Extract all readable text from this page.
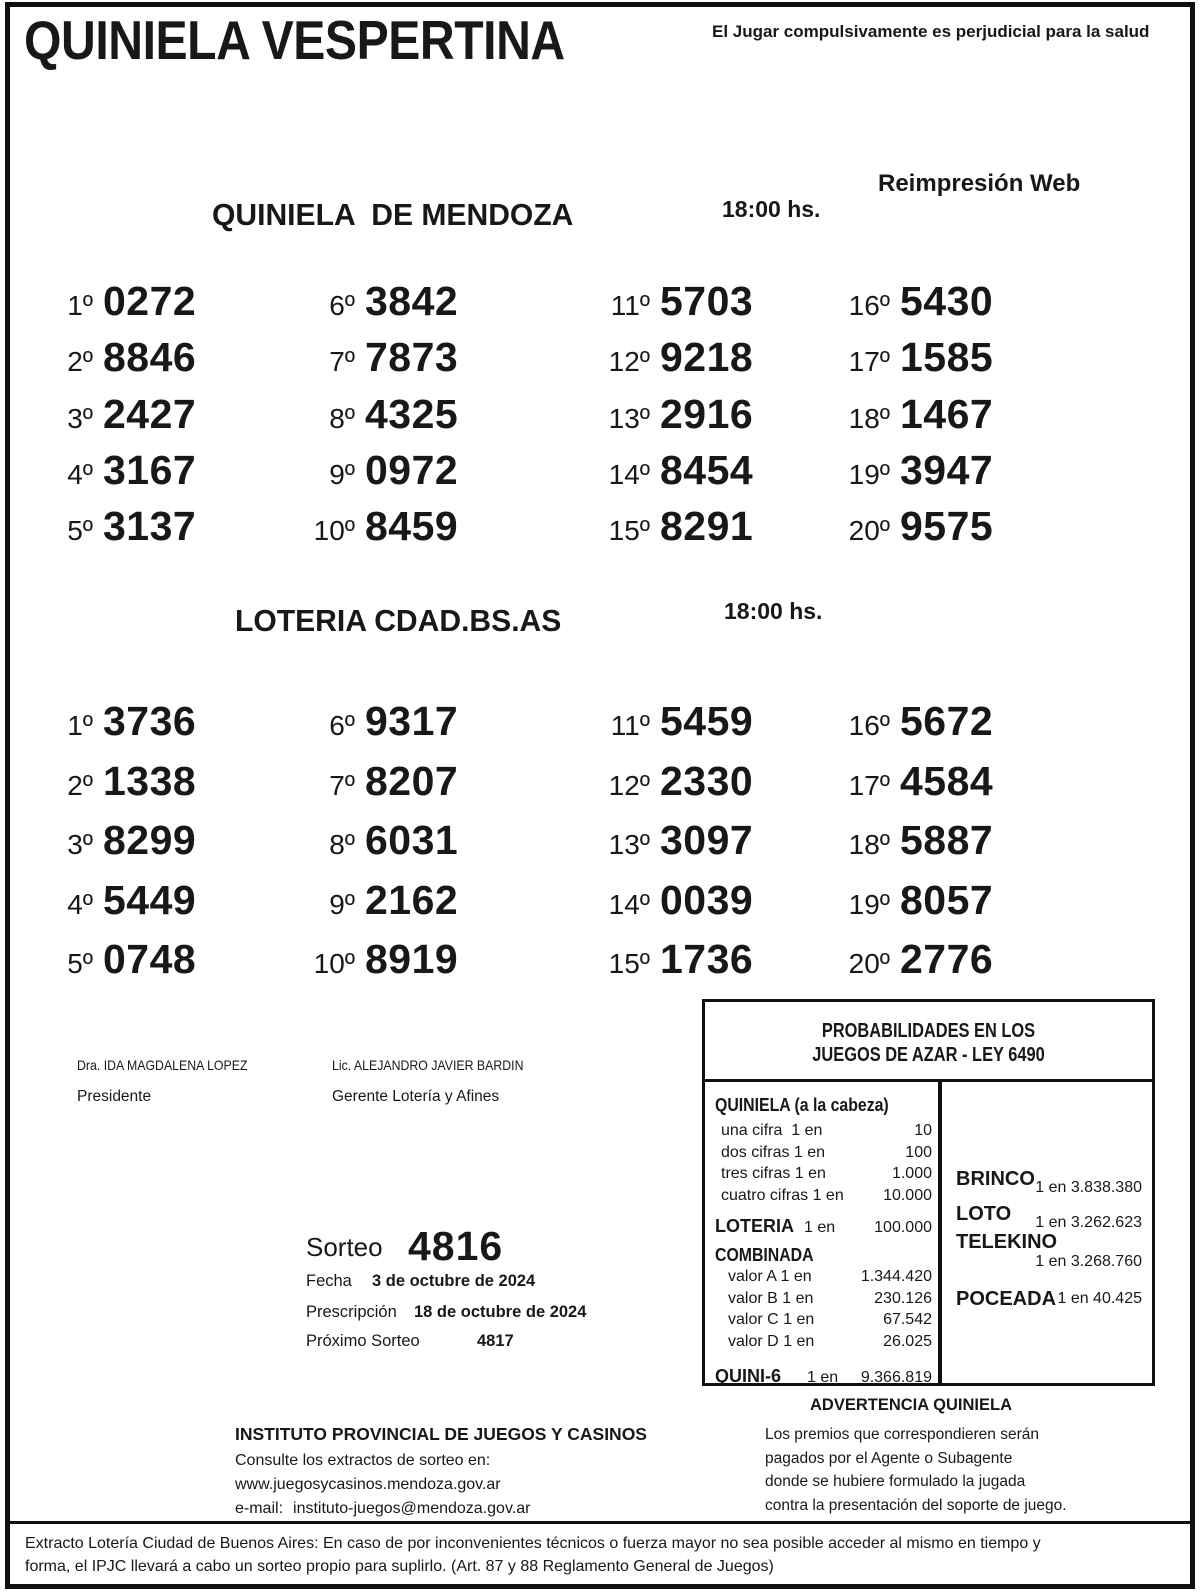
QUINIELA VESPERTINA	El Jugar compulsivamente es perjudicial para la salud
Reimpresión Web
QUINIELA  DE MENDOZA	18:00 hs.
1º 0272
2º 8846
3º 2427
4º 3167
5º 3137
6º 3842
7º 7873
8º 4325
9º 0972
10º 8459
11º 5703
12º 9218
13º 2916
14º 8454
15º 8291
16º 5430
17º 1585
18º 1467
19º 3947
20º 9575
LOTERIA CDAD.BS.AS	18:00 hs.
1º 3736
2º 1338
3º 8299
4º 5449
5º 0748
6º 9317
7º 8207
8º 6031
9º 2162
10º 8919
11º 5459
12º 2330
13º 3097
14º 0039
15º 1736
16º 5672
17º 4584
18º 5887
19º 8057
20º 2776
Dra. IDA MAGDALENA LOPEZ
Presidente
Lic. ALEJANDRO JAVIER BARDIN
Gerente Lotería y Afines
Sorteo 4816
Fecha 3 de octubre de 2024
Prescripción 18 de octubre de 2024
Próximo Sorteo	4817
PROBABILIDADES EN LOS
JUEGOS DE AZAR - LEY 6490
QUINIELA (a la cabeza)
una cifra  1 en	10
dos cifras 1 en	100
tres cifras 1 en	1.000
cuatro cifras 1 en 10.000
LOTERIA 1 en 100.000
COMBINADA
valor A 1 en	1.344.420
valor B 1 en	230.126
valor C 1 en	67.542
valor D 1 en	26.025
QUINI-6 1 en 9.366.819
BRINCO 1 en 3.838.380
LOTO 1 en 3.262.623
TELEKINO
1 en 3.268.760
POCEADA 1 en 40.425
ADVERTENCIA QUINIELA
Los premios que correspondieren serán
pagados por el Agente o Subagente
donde se hubiere formulado la jugada
contra la presentación del soporte de juego.
INSTITUTO PROVINCIAL DE JUEGOS Y CASINOS
Consulte los extractos de sorteo en:
www.juegosycasinos.mendoza.gov.ar
e-mail: instituto-juegos@mendoza.gov.ar
Extracto Lotería Ciudad de Buenos Aires: En caso de por inconvenientes técnicos o fuerza mayor no sea posible acceder al mismo en tiempo y
forma, el IPJC llevará a cabo un sorteo propio para suplirlo. (Art. 87 y 88 Reglamento General de Juegos)
